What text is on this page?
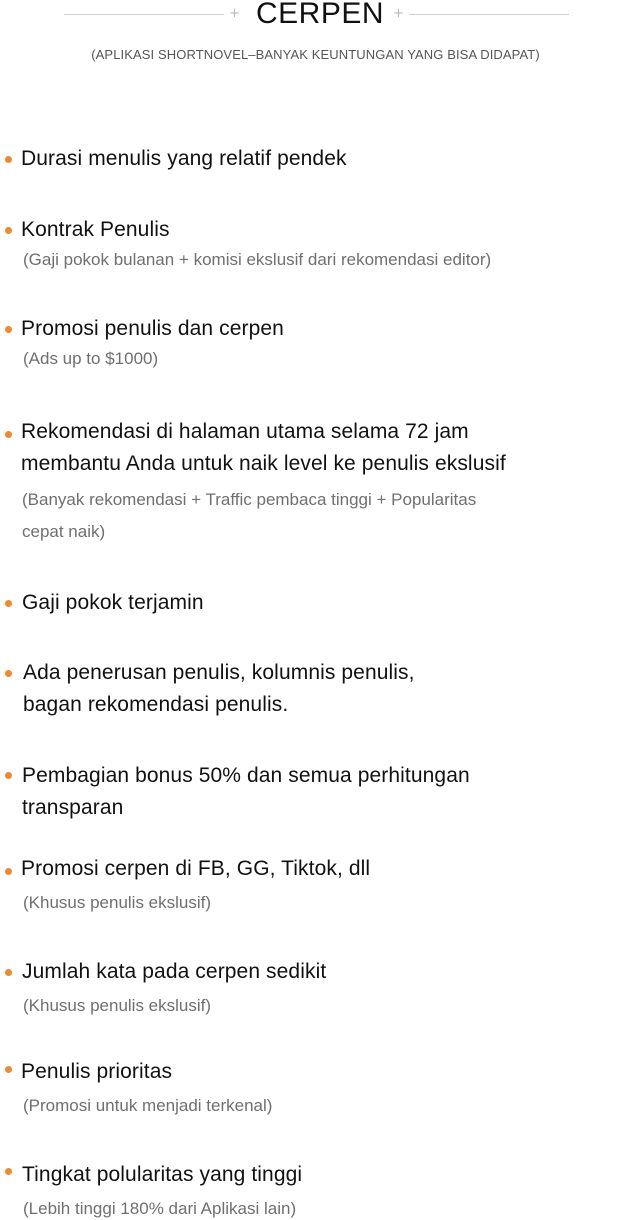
+ CERPEN +
(APLIKASI SHORTNOVEL–BANYAK KEUNTUNGAN YANG BISA DIDAPAT)
Durasi menulis yang relatif pendek
Kontrak Penulis
(Gaji pokok bulanan + komisi ekslusif dari rekomendasi editor)
Promosi penulis dan cerpen
(Ads up to $1000)
Rekomendasi di halaman utama selama 72 jam
membantu Anda untuk naik level ke penulis ekslusif
(Banyak rekomendasi + Traffic pembaca tinggi + Popularitas
cepat naik)
Gaji pokok terjamin
Ada penerusan penulis, kolumnis penulis,
bagan rekomendasi penulis.
Pembagian bonus 50% dan semua perhitungan
transparan
Promosi cerpen di FB, GG, Tiktok, dll
(Khusus penulis ekslusif)
Jumlah kata pada cerpen sedikit
(Khusus penulis ekslusif)
Penulis prioritas
(Promosi untuk menjadi terkenal)
Tingkat polularitas yang tinggi
(Lebih tinggi 180% dari Aplikasi lain)
